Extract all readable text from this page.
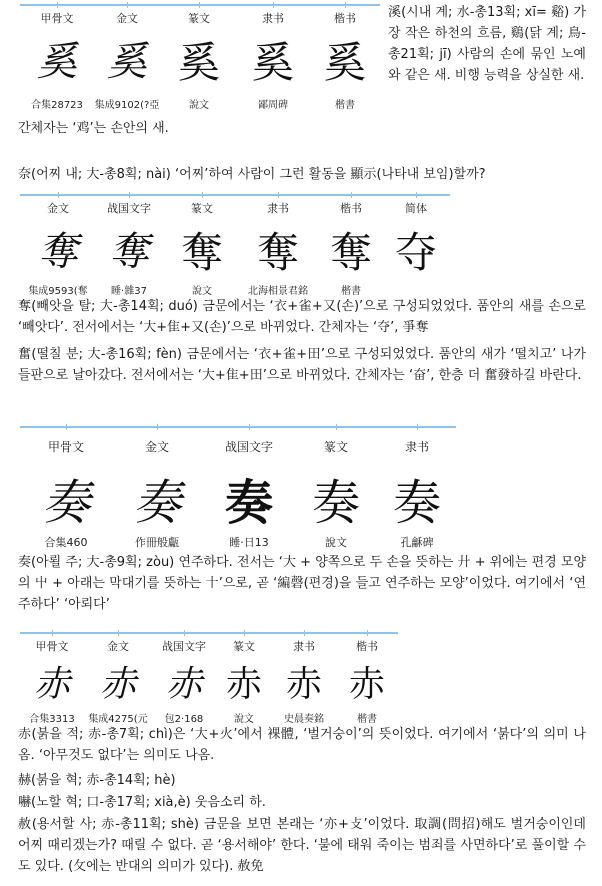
甲骨文
奚
合集28723
金文
奚
集成9102(?亞
篆文
奚
說文
隶书
奚
鄙周碑
楷书
奚
楷書
溪(시내 계; 水-총13획; xī= 谿) 가장 작은 하천의 흐름, 鷄(닭 계; 鳥-총21획; jī) 사람의 손에 묶인 노예와 같은 새. 비행 능력을 상실한 새.
간체자는 ‘鸡’는 손안의 새.
奈(어찌 내; 大-총8획; nài) ‘어찌’하여 사람이 그런 활동을 顯示(나타내 보임)할까?
金文
奪
集成9593(奪
战国文字
奪
睡·雜37
篆文
奪
說文
隶书
奪
北海相景君銘
楷书
奪
楷書
简体
夺
奪(빼앗을 탈; 大-총14획; duó) 금문에서는 ‘衣+雀+又(손)’으로 구성되었었다. 품안의 새를 손으로 ‘빼앗다’. 전서에서는 ‘大+隹+又(손)’으로 바뀌었다. 간체자는 ‘夺’, 爭奪
奮(떨칠 분; 大-총16획; fèn) 금문에서는 ‘衣+雀+田’으로 구성되었었다. 품안의 새가 ‘떨치고’ 나가 들판으로 날아갔다. 전서에서는 ‘大+隹+田’으로 바뀌었다. 간체자는 ‘奋’, 한층 더 奮發하길 바란다.
甲骨文
奏
合集460
金文
奏
作冊般甗
战国文字
奏
睡·日13
篆文
奏
說文
隶书
奏
孔龢碑
奏(아뢸 주; 大-총9획; zòu) 연주하다. 전서는 ‘大 + 양쪽으로 두 손을 뜻하는 廾 + 위에는 편경 모양의 屮 + 아래는 막대기를 뜻하는 十’으로, 곧 ‘編磬(편경)을 들고 연주하는 모양’이었다. 여기에서 ‘연주하다’ ‘아뢰다’
甲骨文
赤
合集3313
金文
赤
集成4275(元
战国文字
赤
包2·168
篆文
赤
說文
隶书
赤
史晨奏銘
楷书
赤
楷書
赤(붉을 적; 赤-총7획; chì)은 ‘大+火’에서 裸體, ‘벌거숭이’의 뜻이었다. 여기에서 ‘붉다’의 의미 나옴. ‘아무것도 없다’는 의미도 나옴.
赫(붉을 혁; 赤-총14획; hè)
嚇(노할 혁; 口-총17획; xià,è) 웃음소리 하.
赦(용서할 사; 赤-총11획; shè) 금문을 보면 본래는 ‘亦+攴’이었다. 取調(問招)해도 벌거숭이인데 어찌 때리겠는가? 때릴 수 없다. 곧 ‘용서해야’ 한다. ‘불에 태워 죽이는 범죄를 사면하다’로 풀이할 수도 있다. (攵에는 반대의 의미가 있다). 赦免
